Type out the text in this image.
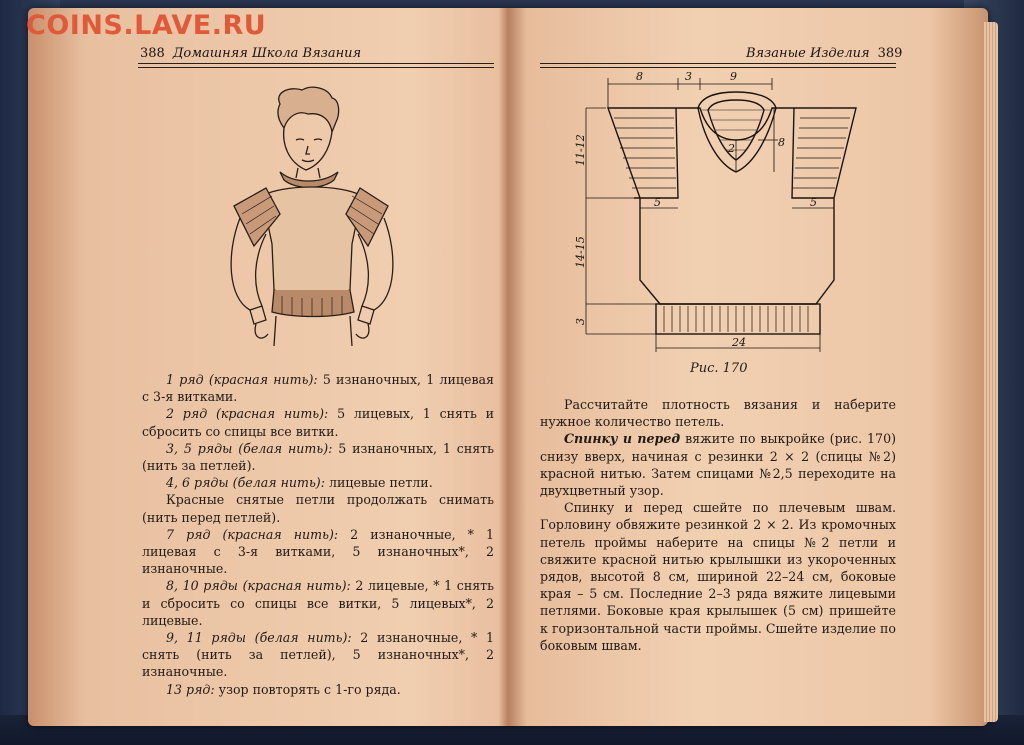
COINS.LAVE.RU
388 Домашняя Школа Вязания

1 ряд (красная нить): 5 изнаночных, 1 лицевая с 3-я витками.

2 ряд (красная нить): 5 лицевых, 1 снять и сбросить со спицы все витки.

3, 5 ряды (белая нить): 5 изнаночных, 1 снять (нить за петлей).

4, 6 ряды (белая нить): лицевые петли.

Красные снятые петли продолжать снимать (нить перед петлей).

7 ряд (красная нить): 2 изнаночные, * 1 лицевая с 3-я витками, 5 изнаночных*, 2 изнаночные.

8, 10 ряды (красная нить): 2 лицевые, * 1 снять и сбросить со спицы все витки, 5 лицевых*, 2 лицевые.

9, 11 ряды (белая нить): 2 изнаночные, * 1 снять (нить за петлей), 5 изнаночных*, 2 изнаночные.

13 ряд: узор повторять с 1-го ряда.

Вязаные Изделия 389
8	3	9
8
2
11-12
14-15
3
24
5	5
Рис. 170

Рассчитайте плотность вязания и наберите нужное количество петель.

Спинку и перед вяжите по выкройке (рис. 170) снизу вверх, начиная с резинки 2 × 2 (спицы №2) красной нитью. Затем спицами №2,5 переходите на двухцветный узор.

Спинку и перед сшейте по плечевым швам. Горловину обвяжите резинкой 2 × 2. Из кромочных петель проймы наберите на спицы №2 петли и свяжите красной нитью крылышки из укороченных рядов, высотой 8 см, шириной 22–24 см, боковые края – 5 см. Последние 2–3 ряда вяжите лицевыми петлями. Боковые края крылышек (5 см) пришейте к горизонтальной части проймы. Сшейте изделие по боковым швам.
